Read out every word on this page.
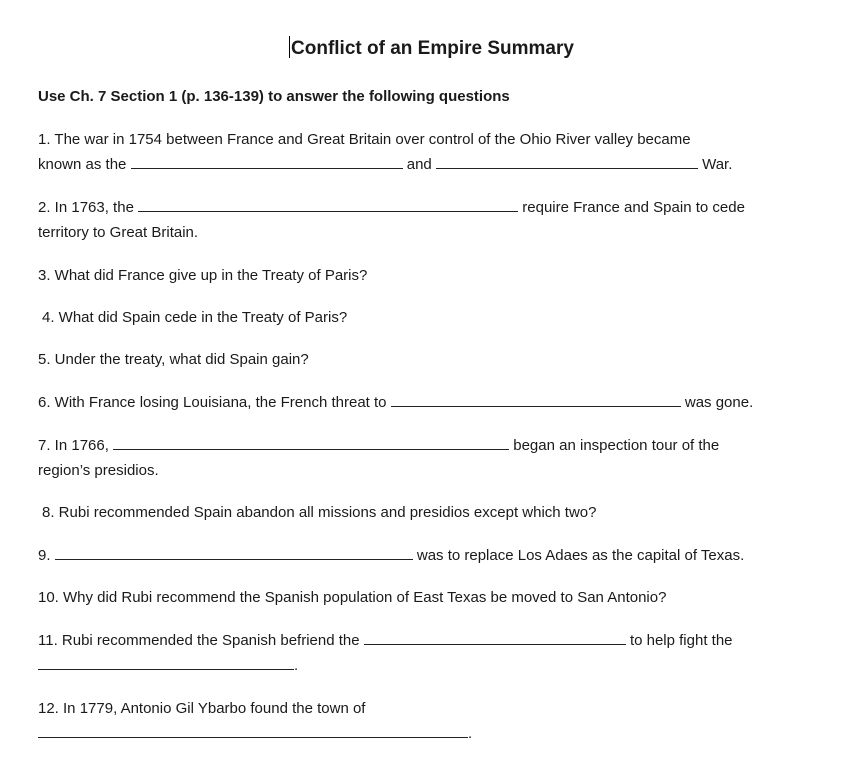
Conflict of an Empire Summary
Use Ch. 7 Section 1 (p. 136-139) to answer the following questions
1. The war in 1754 between France and Great Britain over control of the Ohio River valley became
known as the	and	War.
2. In 1763, the	require France and Spain to cede
territory to Great Britain.
3. What did France give up in the Treaty of Paris?
4. What did Spain cede in the Treaty of Paris?
5. Under the treaty, what did Spain gain?
6. With France losing Louisiana, the French threat to	was gone.
7. In 1766,	began an inspection tour of the
region’s presidios.
8. Rubi recommended Spain abandon all missions and presidios except which two?
9.	was to replace Los Adaes as the capital of Texas.
10. Why did Rubi recommend the Spanish population of East Texas be moved to San Antonio?
11. Rubi recommended the Spanish befriend the	to help fight the
.
12. In 1779, Antonio Gil Ybarbo found the town of
.
